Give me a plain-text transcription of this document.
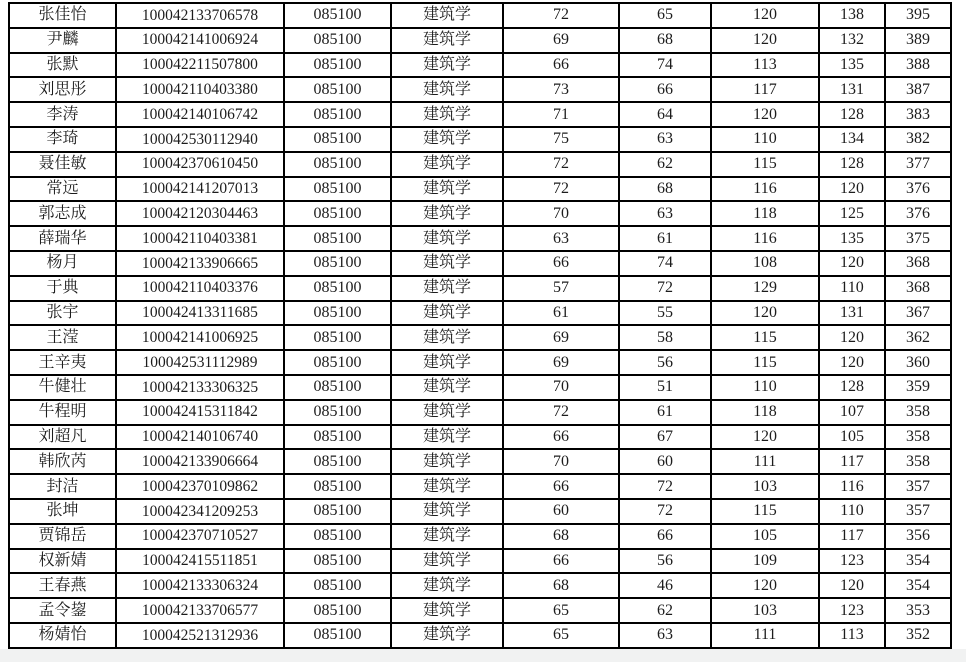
张佳怡	100042133706578	085100	建筑学	72	65	120	138	395
尹麟	100042141006924	085100	建筑学	69	68	120	132	389
张默	100042211507800	085100	建筑学	66	74	113	135	388
刘思彤	100042110403380	085100	建筑学	73	66	117	131	387
李涛	100042140106742	085100	建筑学	71	64	120	128	383
李琦	100042530112940	085100	建筑学	75	63	110	134	382
聂佳敏	100042370610450	085100	建筑学	72	62	115	128	377
常远	100042141207013	085100	建筑学	72	68	116	120	376
郭志成	100042120304463	085100	建筑学	70	63	118	125	376
薛瑞华	100042110403381	085100	建筑学	63	61	116	135	375
杨月	100042133906665	085100	建筑学	66	74	108	120	368
于典	100042110403376	085100	建筑学	57	72	129	110	368
张宇	100042413311685	085100	建筑学	61	55	120	131	367
王滢	100042141006925	085100	建筑学	69	58	115	120	362
王辛夷	100042531112989	085100	建筑学	69	56	115	120	360
牛健壮	100042133306325	085100	建筑学	70	51	110	128	359
牛程明	100042415311842	085100	建筑学	72	61	118	107	358
刘超凡	100042140106740	085100	建筑学	66	67	120	105	358
韩欣芮	100042133906664	085100	建筑学	70	60	111	117	358
封洁	100042370109862	085100	建筑学	66	72	103	116	357
张坤	100042341209253	085100	建筑学	60	72	115	110	357
贾锦岳	100042370710527	085100	建筑学	68	66	105	117	356
权新婧	100042415511851	085100	建筑学	66	56	109	123	354
王春燕	100042133306324	085100	建筑学	68	46	120	120	354
孟令鋆	100042133706577	085100	建筑学	65	62	103	123	353
杨婧怡	100042521312936	085100	建筑学	65	63	111	113	352
